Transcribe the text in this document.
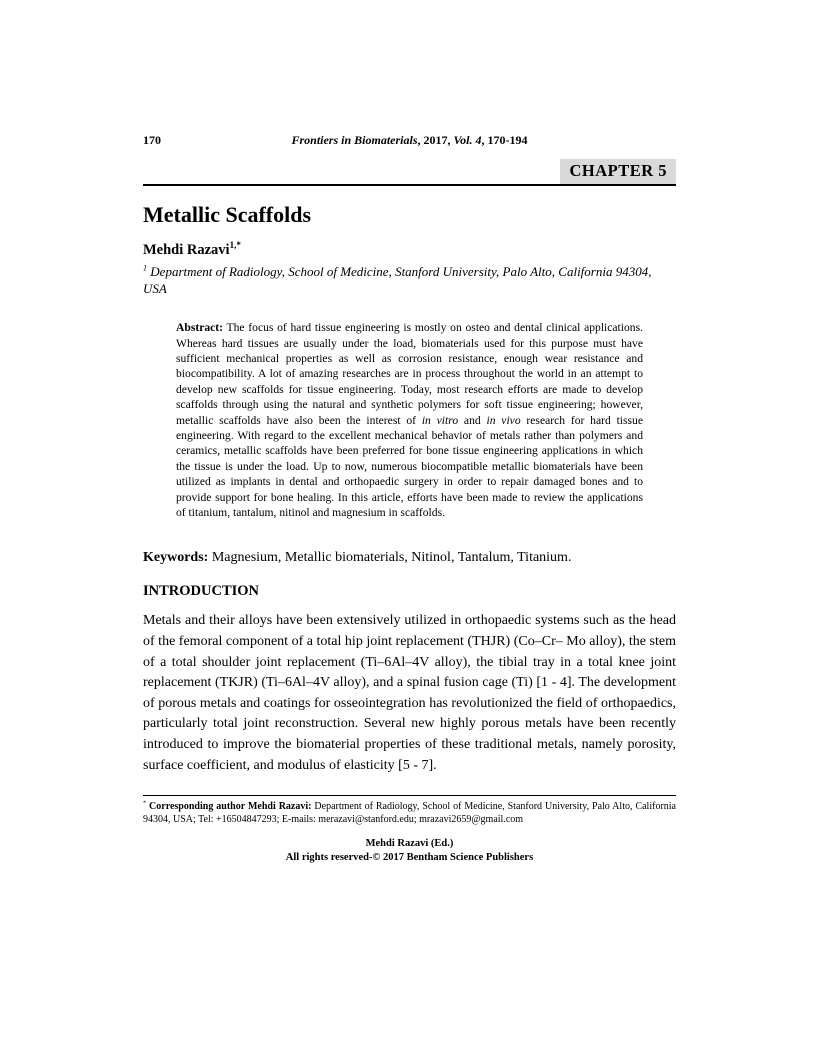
170	Frontiers in Biomaterials, 2017, Vol. 4, 170-194
CHAPTER 5
Metallic Scaffolds
Mehdi Razavi$^{1,*}$

$^1$ Department of Radiology, School of Medicine, Stanford University, Palo Alto, California 94304, USA

Abstract: The focus of hard tissue engineering is mostly on osteo and dental clinical applications. Whereas hard tissues are usually under the load, biomaterials used for this purpose must have sufficient mechanical properties as well as corrosion resistance, enough wear resistance and biocompatibility. A lot of amazing researches are in process throughout the world in an attempt to develop new scaffolds for tissue engineering. Today, most research efforts are made to develop scaffolds through using the natural and synthetic polymers for soft tissue engineering; however, metallic scaffolds have also been the interest of in vitro and in vivo research for hard tissue engineering. With regard to the excellent mechanical behavior of metals rather than polymers and ceramics, metallic scaffolds have been preferred for bone tissue engineering applications in which the tissue is under the load. Up to now, numerous biocompatible metallic biomaterials have been utilized as implants in dental and orthopaedic surgery in order to repair damaged bones and to provide support for bone healing. In this article, efforts have been made to review the applications of titanium, tantalum, nitinol and magnesium in scaffolds.

Keywords: Magnesium, Metallic biomaterials, Nitinol, Tantalum, Titanium.

INTRODUCTION

Metals and their alloys have been extensively utilized in orthopaedic systems such as the head of the femoral component of a total hip joint replacement (THJR) (Co–Cr– Mo alloy), the stem of a total shoulder joint replacement (Ti–6Al–4V alloy), the tibial tray in a total knee joint replacement (TKJR) (Ti–6Al–4V alloy), and a spinal fusion cage (Ti) [1 - 4]. The development of porous metals and coatings for osseointegration has revolutionized the field of orthopaedics, particularly total joint reconstruction. Several new highly porous metals have been recently introduced to improve the biomaterial properties of these traditional metals, namely porosity, surface coefficient, and modulus of elasticity [5 - 7].

* Corresponding author Mehdi Razavi: Department of Radiology, School of Medicine, Stanford University, Palo Alto, California 94304, USA; Tel: +16504847293; E-mails: merazavi@stanford.edu; mrazavi2659@gmail.com

Mehdi Razavi (Ed.)
All rights reserved-© 2017 Bentham Science Publishers
